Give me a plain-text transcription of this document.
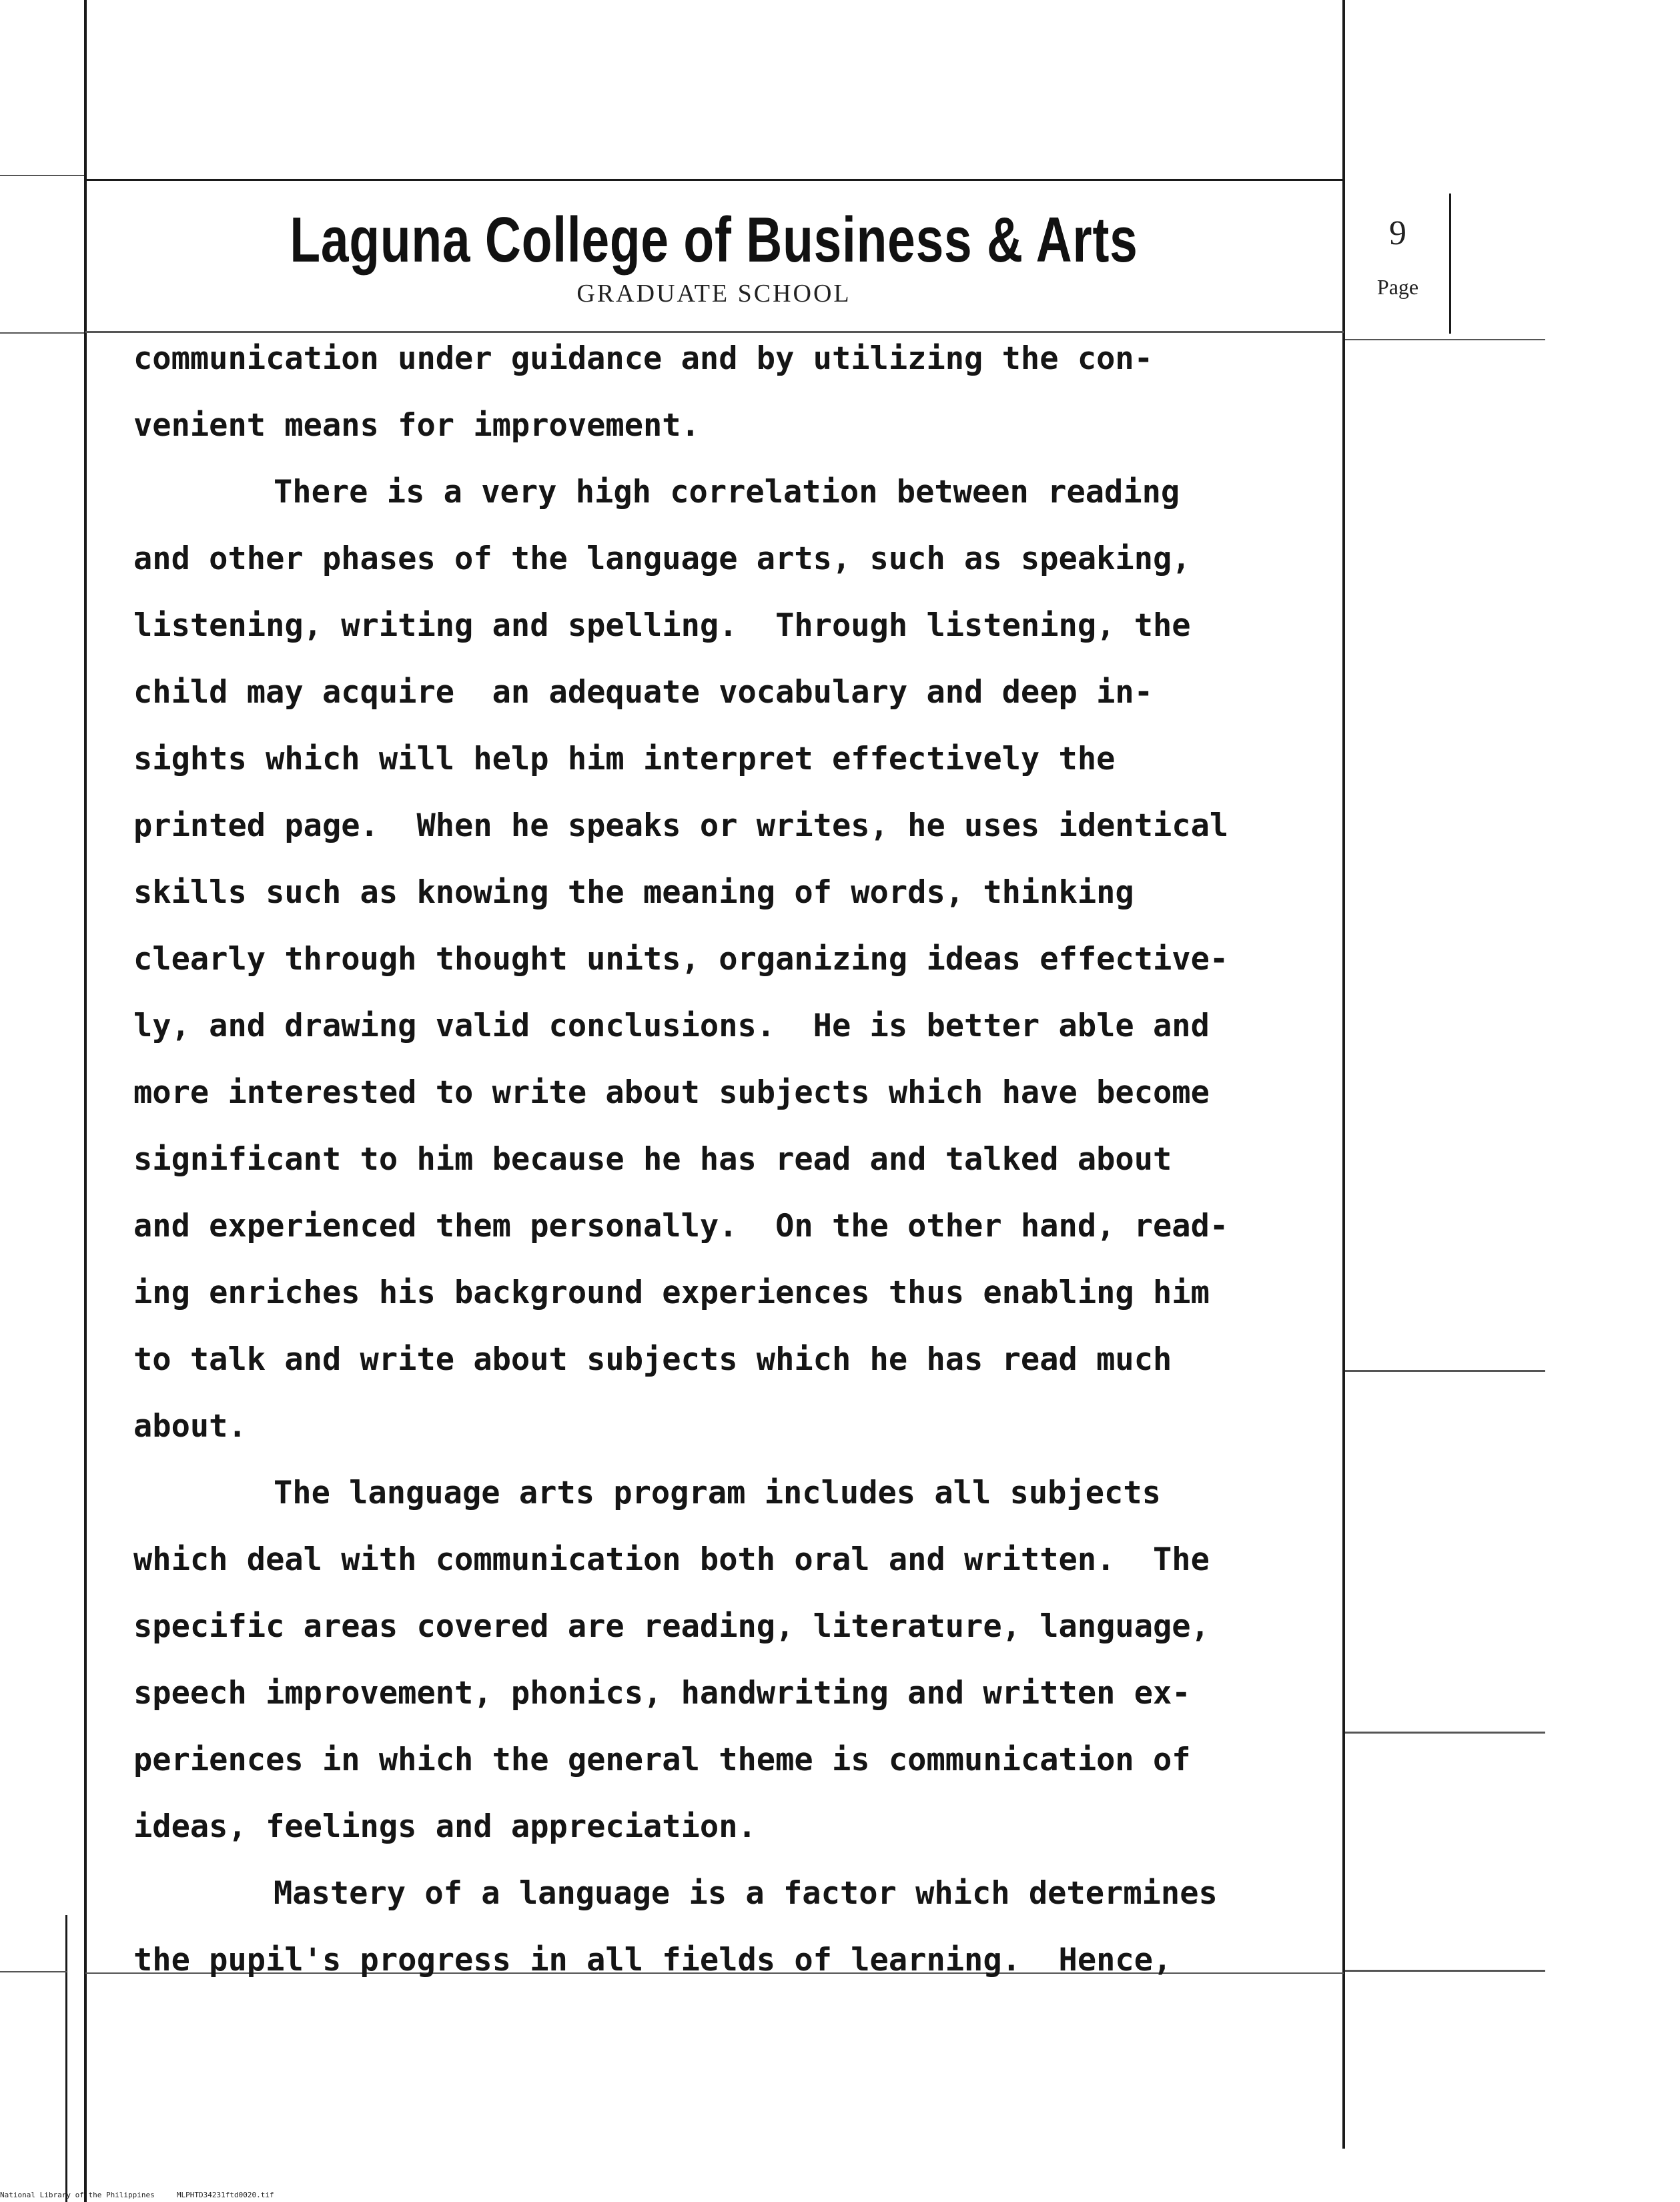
Laguna College of Business & Arts
GRADUATE SCHOOL
9
Page
communication under guidance and by utilizing the con-
venient means for improvement.
There is a very high correlation between reading
and other phases of the language arts, such as speaking,
listening, writing and spelling.  Through listening, the
child may acquire  an adequate vocabulary and deep in-
sights which will help him interpret effectively the
printed page.  When he speaks or writes, he uses identical
skills such as knowing the meaning of words, thinking
clearly through thought units, organizing ideas effective-
ly, and drawing valid conclusions.  He is better able and
more interested to write about subjects which have become
significant to him because he has read and talked about
and experienced them personally.  On the other hand, read-
ing enriches his background experiences thus enabling him
to talk and write about subjects which he has read much
about.
The language arts program includes all subjects
which deal with communication both oral and written.  The
specific areas covered are reading, literature, language,
speech improvement, phonics, handwriting and written ex-
periences in which the general theme is communication of
ideas, feelings and appreciation.
Mastery of a language is a factor which determines
the pupil's progress in all fields of learning.  Hence,
National Library of the Philippines     MLPHTD34231ftd0020.tif
